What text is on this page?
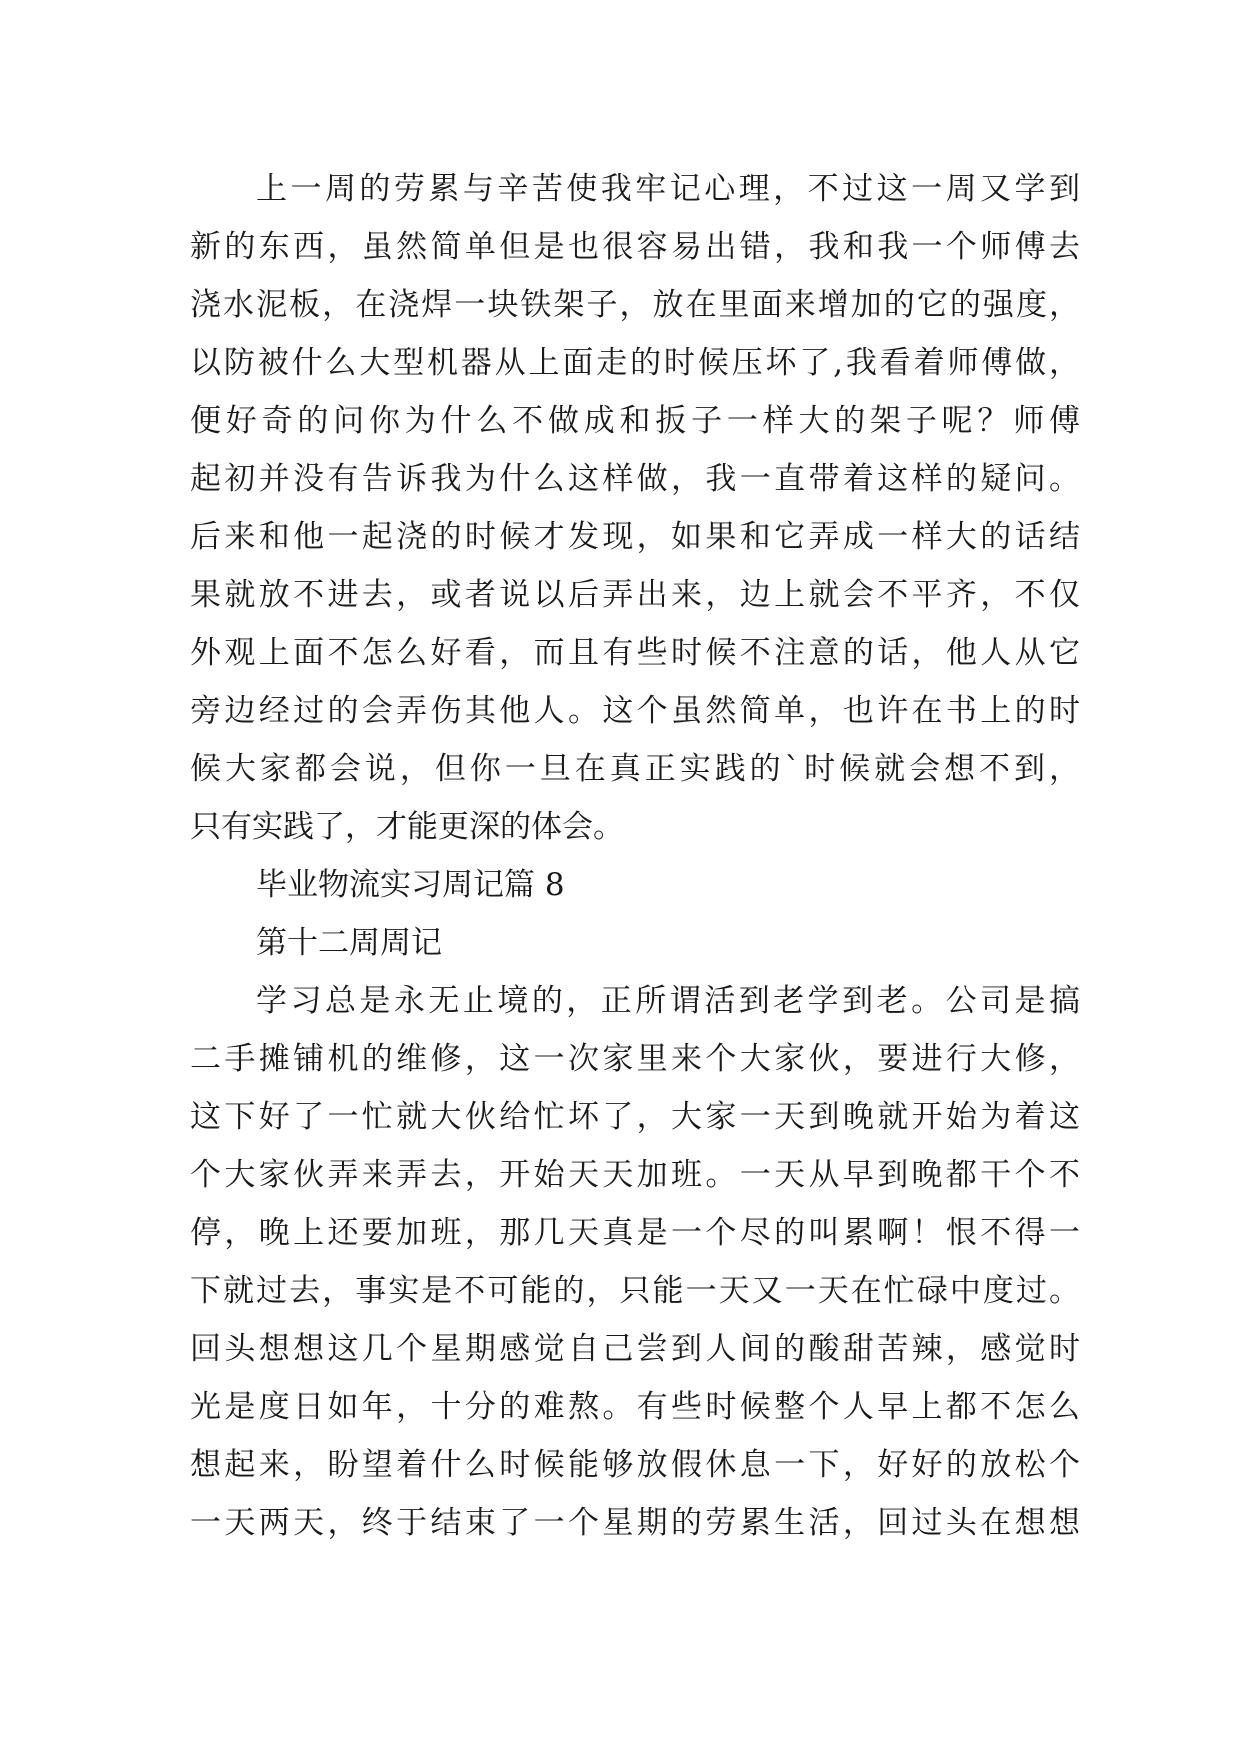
上一周的劳累与辛苦使我牢记心理，不过这一周又学到
新的东西，虽然简单但是也很容易出错，我和我一个师傅去
浇水泥板，在浇焊一块铁架子，放在里面来增加的它的强度，
以防被什么大型机器从上面走的时候压坏了,我看着师傅做，
便好奇的问你为什么不做成和扳子一样大的架子呢？师傅
起初并没有告诉我为什么这样做，我一直带着这样的疑问。
后来和他一起浇的时候才发现，如果和它弄成一样大的话结
果就放不进去，或者说以后弄出来，边上就会不平齐，不仅
外观上面不怎么好看，而且有些时候不注意的话，他人从它
旁边经过的会弄伤其他人。这个虽然简单，也许在书上的时
候大家都会说，但你一旦在真正实践的`时候就会想不到，
只有实践了，才能更深的体会。
毕业物流实习周记篇 8
第十二周周记
学习总是永无止境的，正所谓活到老学到老。公司是搞
二手摊铺机的维修，这一次家里来个大家伙，要进行大修，
这下好了一忙就大伙给忙坏了，大家一天到晚就开始为着这
个大家伙弄来弄去，开始天天加班。一天从早到晚都干个不
停，晚上还要加班，那几天真是一个尽的叫累啊！恨不得一
下就过去，事实是不可能的，只能一天又一天在忙碌中度过。
回头想想这几个星期感觉自己尝到人间的酸甜苦辣，感觉时
光是度日如年，十分的难熬。有些时候整个人早上都不怎么
想起来，盼望着什么时候能够放假休息一下，好好的放松个
一天两天，终于结束了一个星期的劳累生活，回过头在想想
